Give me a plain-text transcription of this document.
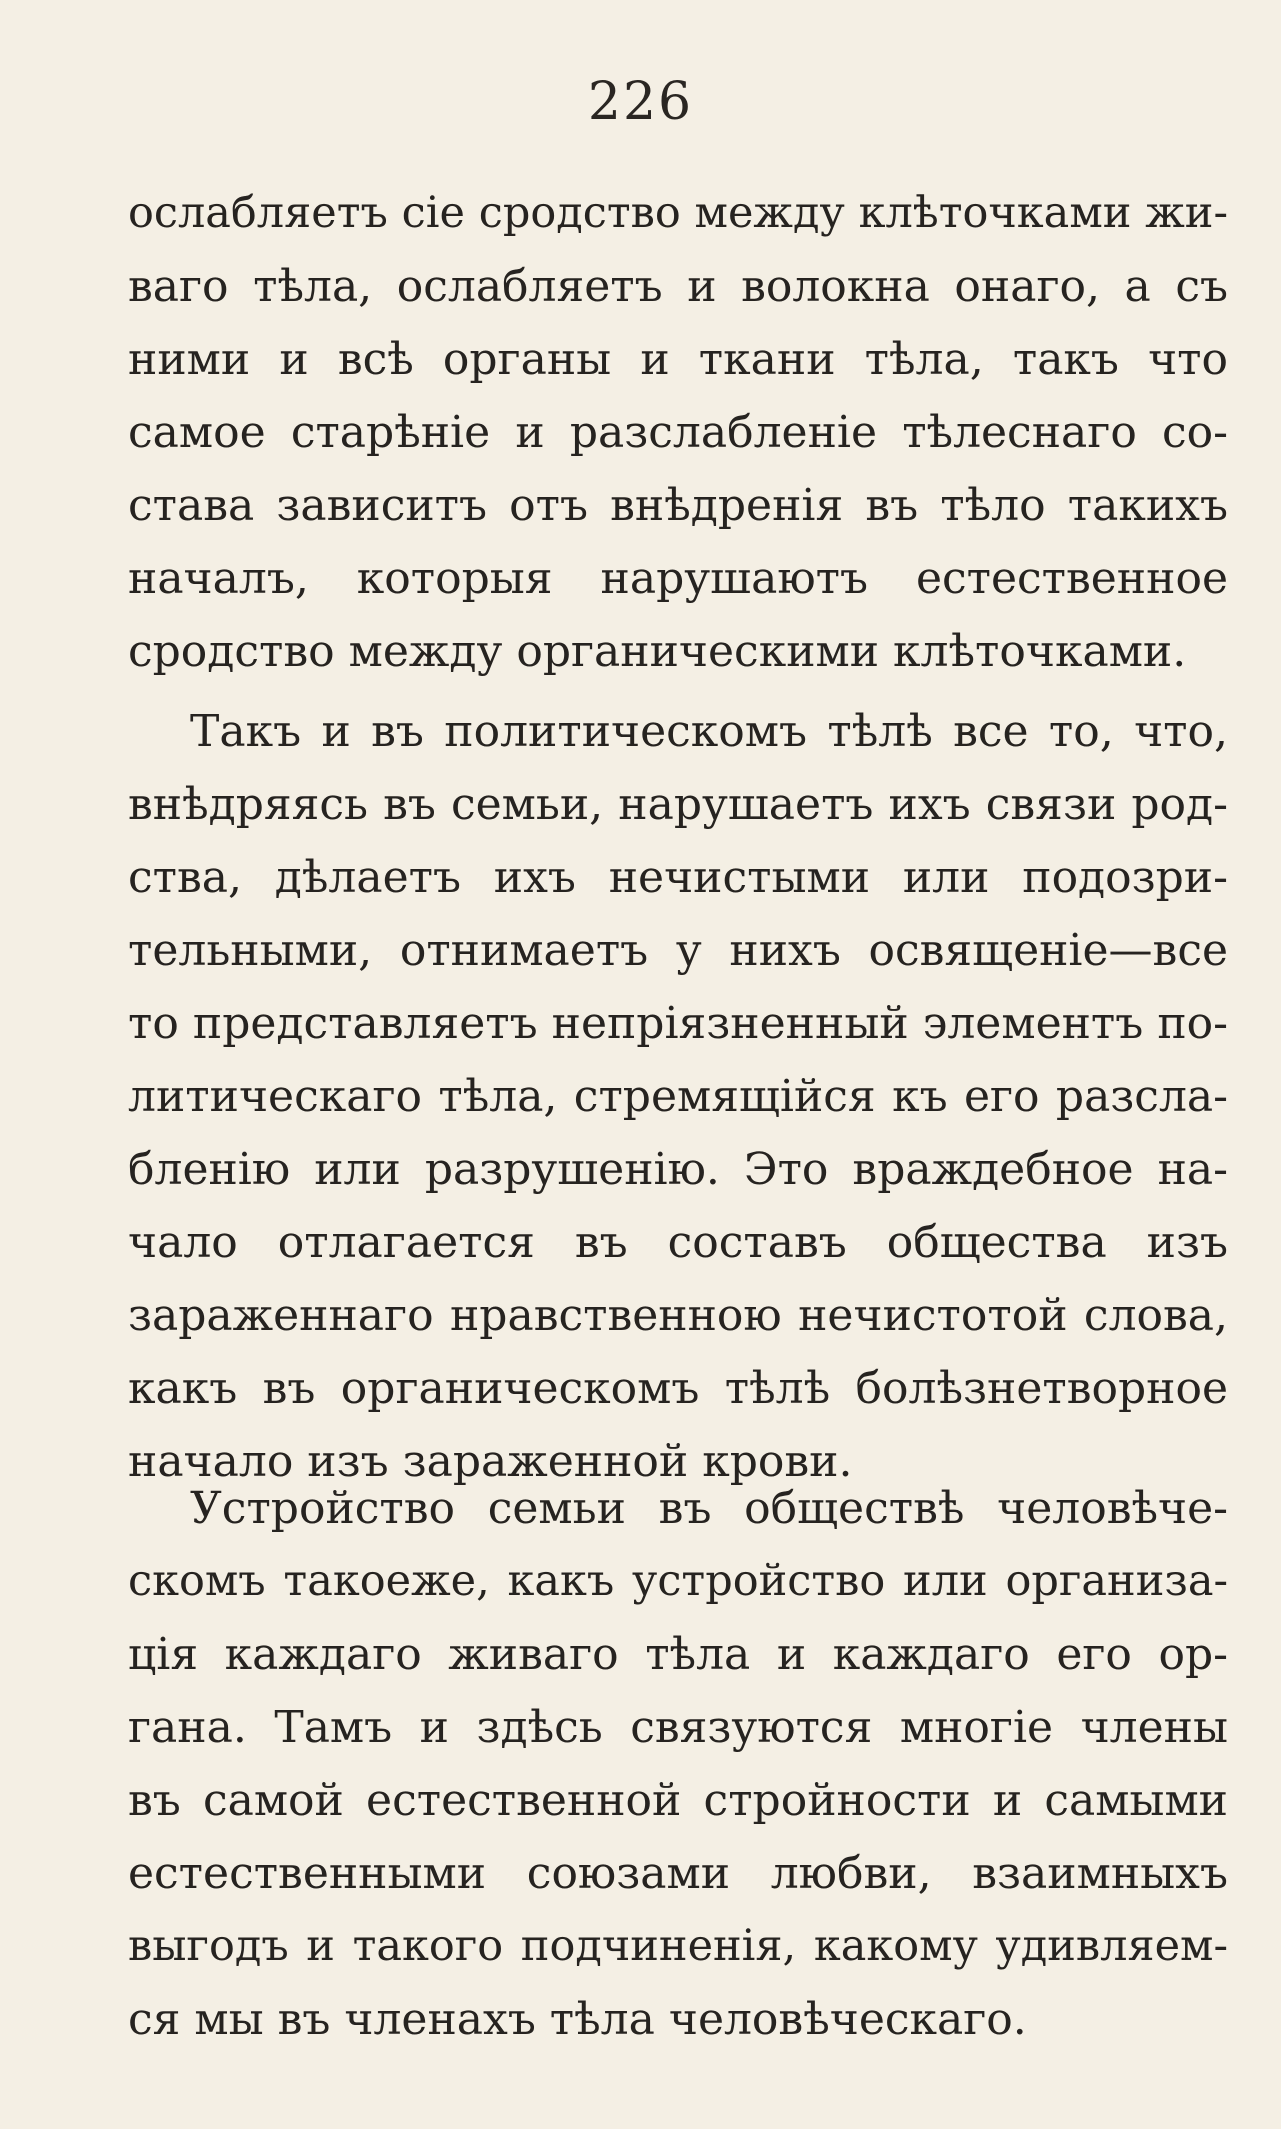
226
ослабляетъ сіе сродство между клѣточками жи-
ваго тѣла, ослабляетъ и волокна онаго, а съ
ними и всѣ органы и ткани тѣла, такъ что
самое старѣніе и разслабленіе тѣлеснаго со-
става зависитъ отъ внѣдренія въ тѣло такихъ
началъ, которыя нарушаютъ естественное
сродство между органическими клѣточками.
Такъ и въ политическомъ тѣлѣ все то, что,
внѣдряясь въ семьи, нарушаетъ ихъ связи род-
ства, дѣлаетъ ихъ нечистыми или подозри-
тельными, отнимаетъ у нихъ освященіе—все
то представляетъ непріязненный элементъ по-
литическаго тѣла, стремящійся къ его разсла-
бленію или разрушенію. Это враждебное на-
чало отлагается въ составъ общества изъ
зараженнаго нравственною нечистотой слова,
какъ въ органическомъ тѣлѣ болѣзнетворное
начало изъ зараженной крови.
Устройство семьи въ обществѣ человѣче-
скомъ такоеже, какъ устройство или организа-
ція каждаго живаго тѣла и каждаго его ор-
гана. Тамъ и здѣсь связуются многіе члены
въ самой естественной стройности и самыми
естественными союзами любви, взаимныхъ
выгодъ и такого подчиненія, какому удивляем-
ся мы въ членахъ тѣла человѣческаго.
